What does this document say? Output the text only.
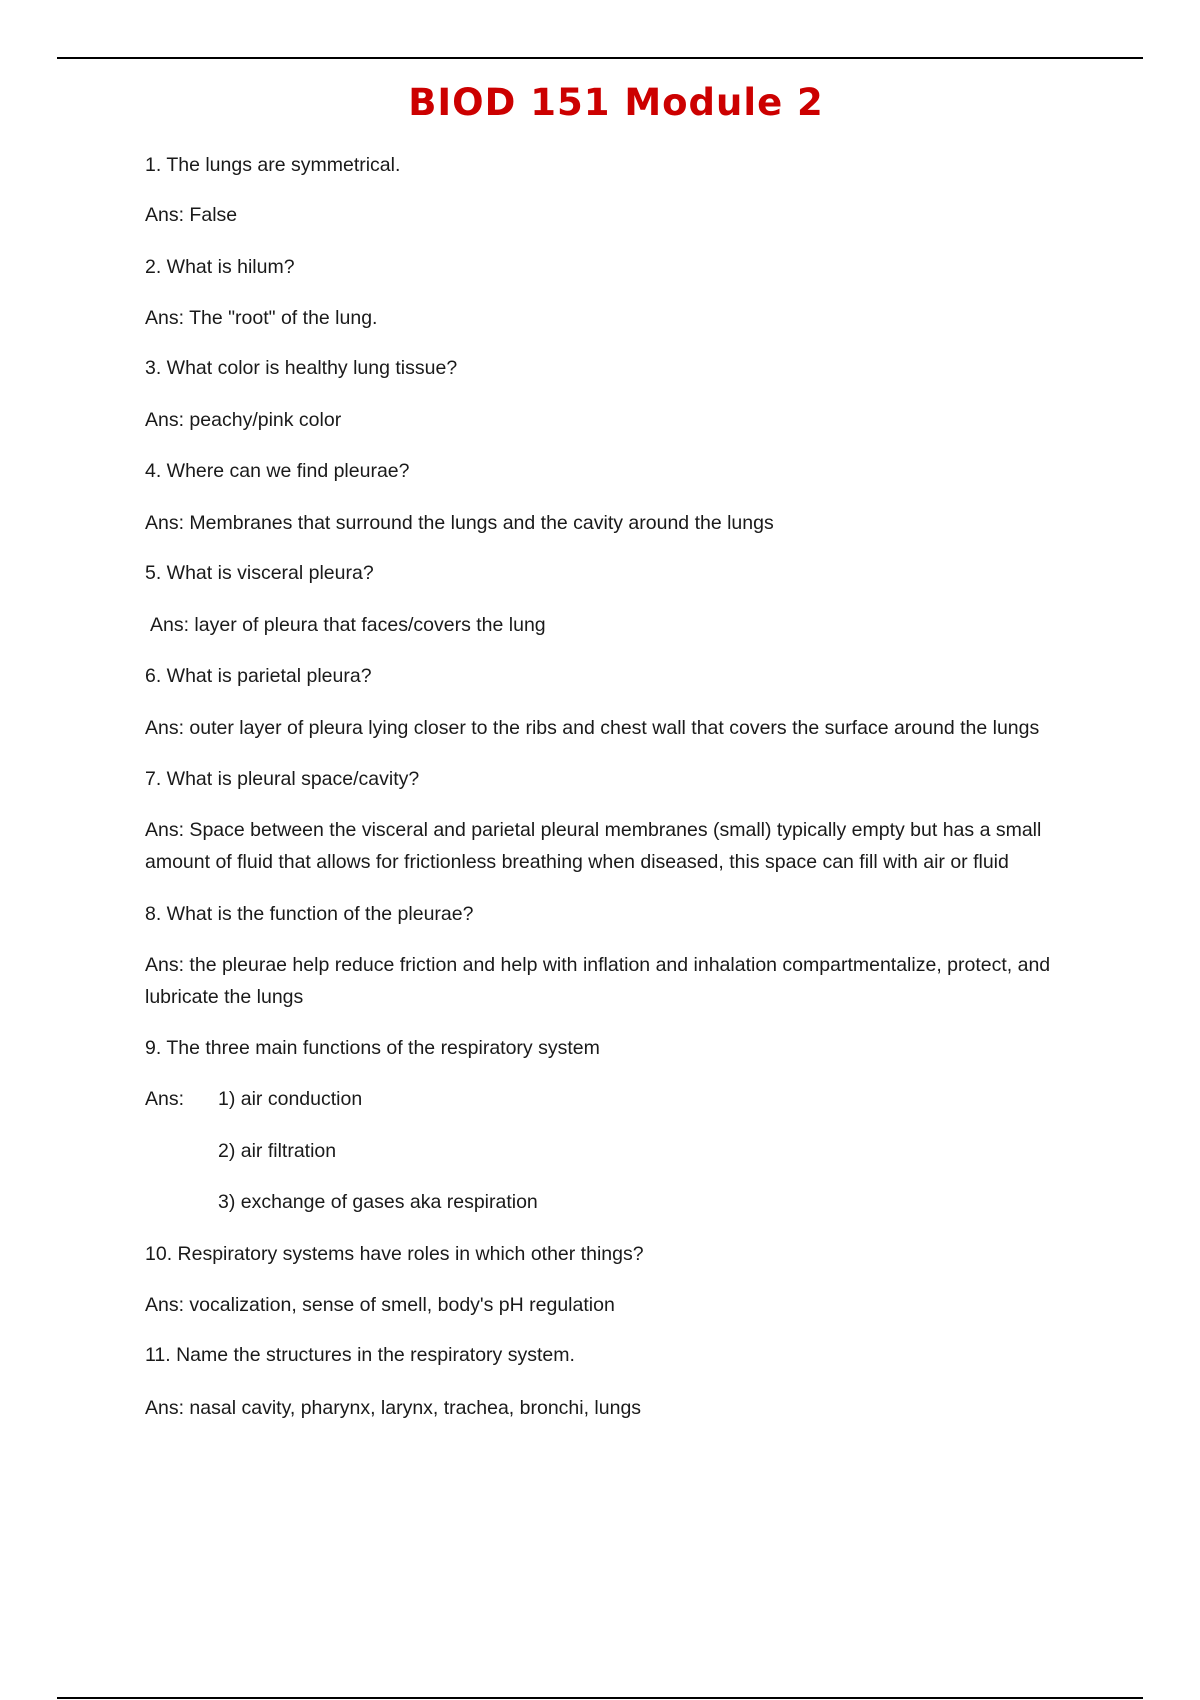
BIOD 151 Module 2

1. The lungs are symmetrical.

Ans: False

2. What is hilum?

Ans: The "root" of the lung.

3. What color is healthy lung tissue?

Ans: peachy/pink color

4. Where can we find pleurae?

Ans: Membranes that surround the lungs and the cavity around the lungs

5. What is visceral pleura?

Ans: layer of pleura that faces/covers the lung

6. What is parietal pleura?

Ans: outer layer of pleura lying closer to the ribs and chest wall that covers the surface around the lungs

7. What is pleural space/cavity?

Ans: Space between the visceral and parietal pleural membranes (small) typically empty but has a small amount of fluid that allows for frictionless breathing when diseased, this space can fill with air or fluid

8. What is the function of the pleurae?

Ans: the pleurae help reduce friction and help with inflation and inhalation compartmentalize, protect, and lubricate the lungs

9. The three main functions of the respiratory system

Ans:	1) air conduction

2) air filtration

3) exchange of gases aka respiration

10. Respiratory systems have roles in which other things?

Ans: vocalization, sense of smell, body's pH regulation

11. Name the structures in the respiratory system.

Ans: nasal cavity, pharynx, larynx, trachea, bronchi, lungs
